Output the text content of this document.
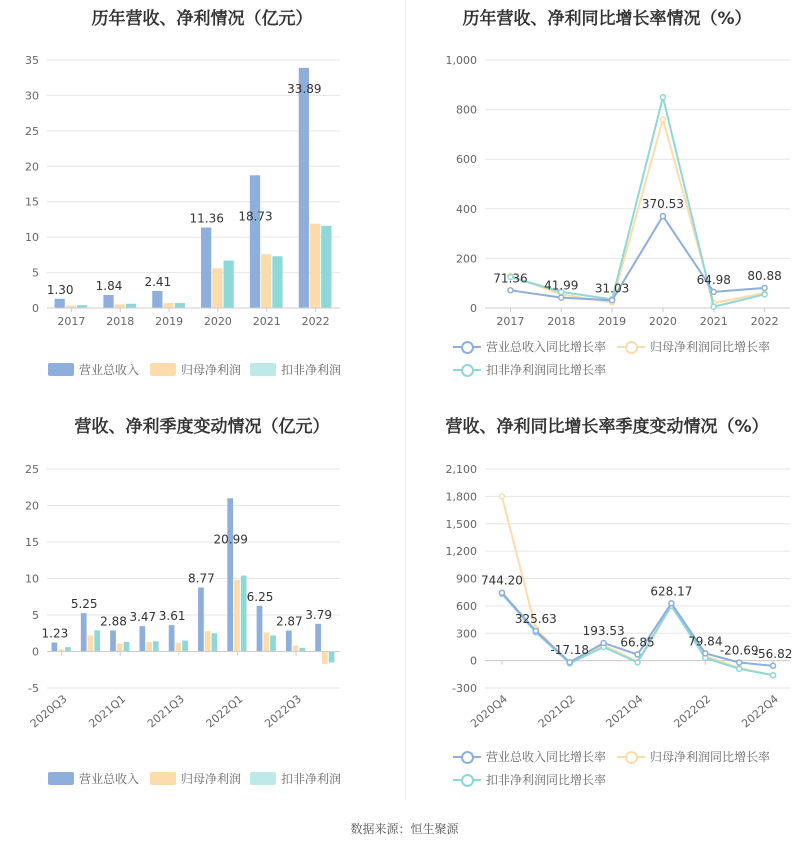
历年营收、净利情况（亿元）
0
5
10
15
20
25
30
35
2017 2018 2019 2020 2021 2022
1.30 1.84 2.41
11.36 18.73
33.89
营业总收入	归母净利润	扣非净利润
历年营收、净利同比增长率情况（%）
0
200
400
600
800
1,000
2017 2018 2019 2020 2021 2022
71.36
41.99 31.03
370.53
64.98 80.88
营业总收入同比增长率	归母净利润同比增长率
扣非净利润同比增长率
营收、净利季度变动情况（亿元）
-5
0
5
10
15
20
25
2020Q3 2021Q1 2021Q3 2022Q1 2022Q3
1.23
5.25
2.88 3.47 3.61
8.77
20.99
6.25
2.87 3.79
营业总收入	归母净利润	扣非净利润
营收、净利同比增长率季度变动情况（%）
-300
0
300
600
900
1,200
1,500
1,800
2,100
2020Q4 2021Q2 2021Q4 2022Q2 2022Q4
744.20
325.63
-17.18
193.53
66.85
628.17
79.84
-20.69
-56.82
营业总收入同比增长率	归母净利润同比增长率
扣非净利润同比增长率
数据来源：恒生聚源
